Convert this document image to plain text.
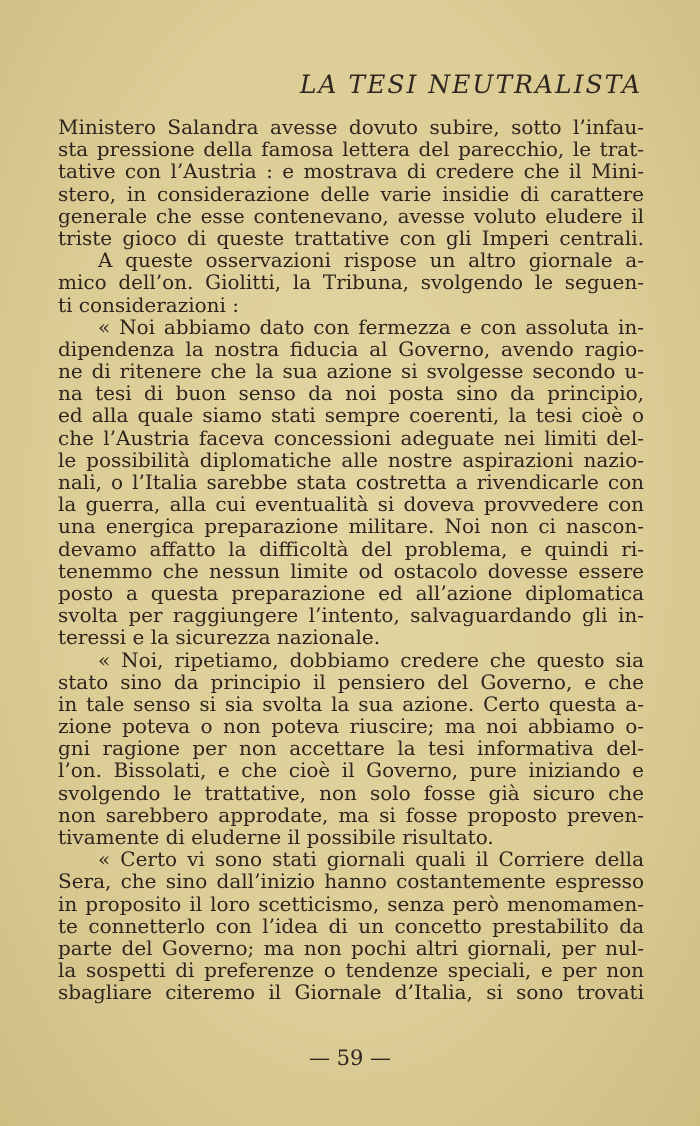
LA TESI NEUTRALISTA
Ministero Salandra avesse dovuto subire, sotto l’infau-
sta pressione della famosa lettera del parecchio, le trat-
tative con l’Austria : e mostrava di credere che il Mini-
stero, in considerazione delle varie insidie di carattere
generale che esse contenevano, avesse voluto eludere il
triste gioco di queste trattative con gli Imperi centrali.
A queste osservazioni rispose un altro giornale a-
mico dell’on. Giolitti, la Tribuna, svolgendo le seguen-
ti considerazioni :
« Noi abbiamo dato con fermezza e con assoluta in-
dipendenza la nostra fiducia al Governo, avendo ragio-
ne di ritenere che la sua azione si svolgesse secondo u-
na tesi di buon senso da noi posta sino da principio,
ed alla quale siamo stati sempre coerenti, la tesi cioè o
che l’Austria faceva concessioni adeguate nei limiti del-
le possibilità diplomatiche alle nostre aspirazioni nazio-
nali, o l’Italia sarebbe stata costretta a rivendicarle con
la guerra, alla cui eventualità si doveva provvedere con
una energica preparazione militare. Noi non ci nascon-
devamo affatto la difficoltà del problema, e quindi ri-
tenemmo che nessun limite od ostacolo dovesse essere
posto a questa preparazione ed all’azione diplomatica
svolta per raggiungere l’intento, salvaguardando gli in-
teressi e la sicurezza nazionale.
« Noi, ripetiamo, dobbiamo credere che questo sia
stato sino da principio il pensiero del Governo, e che
in tale senso si sia svolta la sua azione. Certo questa a-
zione poteva o non poteva riuscire; ma noi abbiamo o-
gni ragione per non accettare la tesi informativa del-
l’on. Bissolati, e che cioè il Governo, pure iniziando e
svolgendo le trattative, non solo fosse già sicuro che
non sarebbero approdate, ma si fosse proposto preven-
tivamente di eluderne il possibile risultato.
« Certo vi sono stati giornali quali il Corriere della
Sera, che sino dall’inizio hanno costantemente espresso
in proposito il loro scetticismo, senza però menomamen-
te connetterlo con l’idea di un concetto prestabilito da
parte del Governo; ma non pochi altri giornali, per nul-
la sospetti di preferenze o tendenze speciali, e per non
sbagliare citeremo il Giornale d’Italia, si sono trovati
— 59 —
